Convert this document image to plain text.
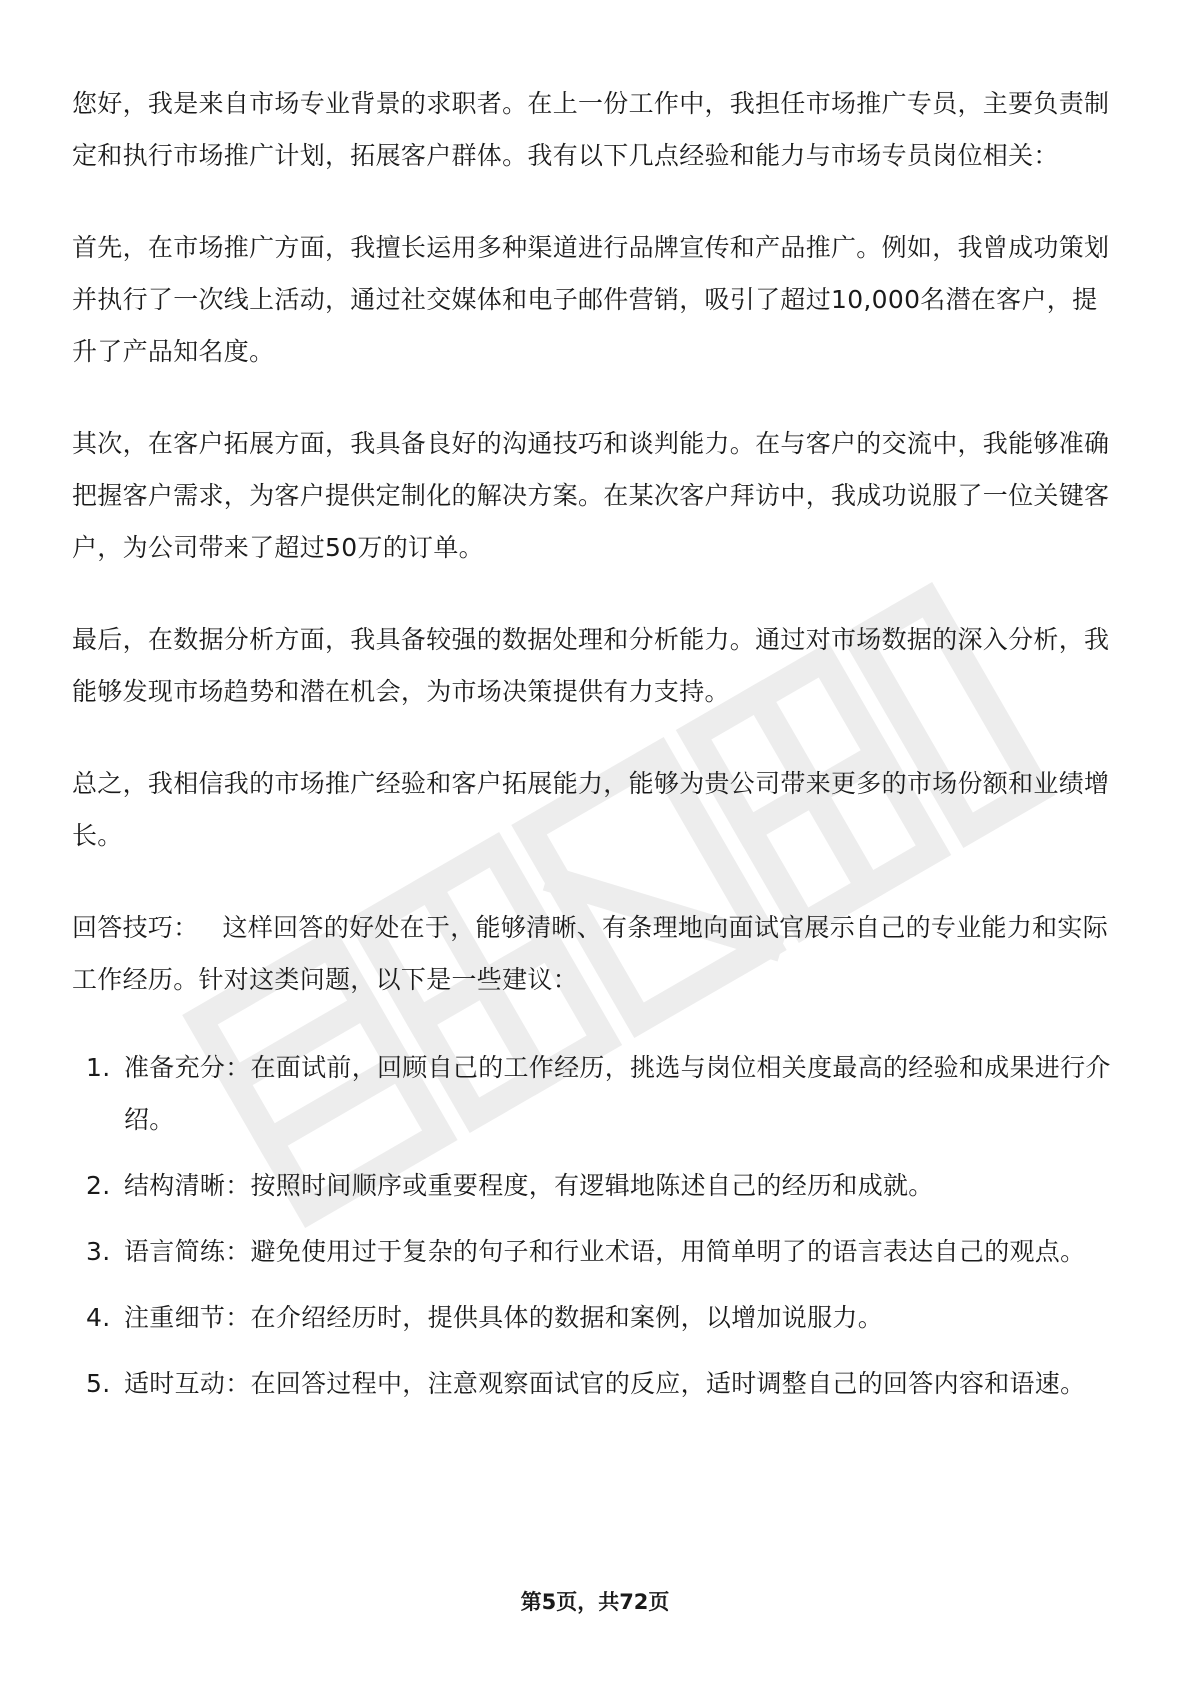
您好，我是来自市场专业背景的求职者。在上一份工作中，我担任市场推广专员，主要负责制定和执行市场推广计划，拓展客户群体。我有以下几点经验和能力与市场专员岗位相关：

首先，在市场推广方面，我擅长运用多种渠道进行品牌宣传和产品推广。例如，我曾成功策划并执行了一次线上活动，通过社交媒体和电子邮件营销，吸引了超过10,000名潜在客户，提升了产品知名度。

其次，在客户拓展方面，我具备良好的沟通技巧和谈判能力。在与客户的交流中，我能够准确把握客户需求，为客户提供定制化的解决方案。在某次客户拜访中，我成功说服了一位关键客户，为公司带来了超过50万的订单。

最后，在数据分析方面，我具备较强的数据处理和分析能力。通过对市场数据的深入分析，我能够发现市场趋势和潜在机会，为市场决策提供有力支持。

总之，我相信我的市场推广经验和客户拓展能力，能够为贵公司带来更多的市场份额和业绩增长。

回答技巧： 这样回答的好处在于，能够清晰、有条理地向面试官展示自己的专业能力和实际工作经历。针对这类问题，以下是一些建议：

1. 准备充分：在面试前，回顾自己的工作经历，挑选与岗位相关度最高的经验和成果进行介绍。
2. 结构清晰：按照时间顺序或重要程度，有逻辑地陈述自己的经历和成就。
3. 语言简练：避免使用过于复杂的句子和行业术语，用简单明了的语言表达自己的观点。
4. 注重细节：在介绍经历时，提供具体的数据和案例，以增加说服力。
5. 适时互动：在回答过程中，注意观察面试官的反应，适时调整自己的回答内容和语速。
第5页，共72页
